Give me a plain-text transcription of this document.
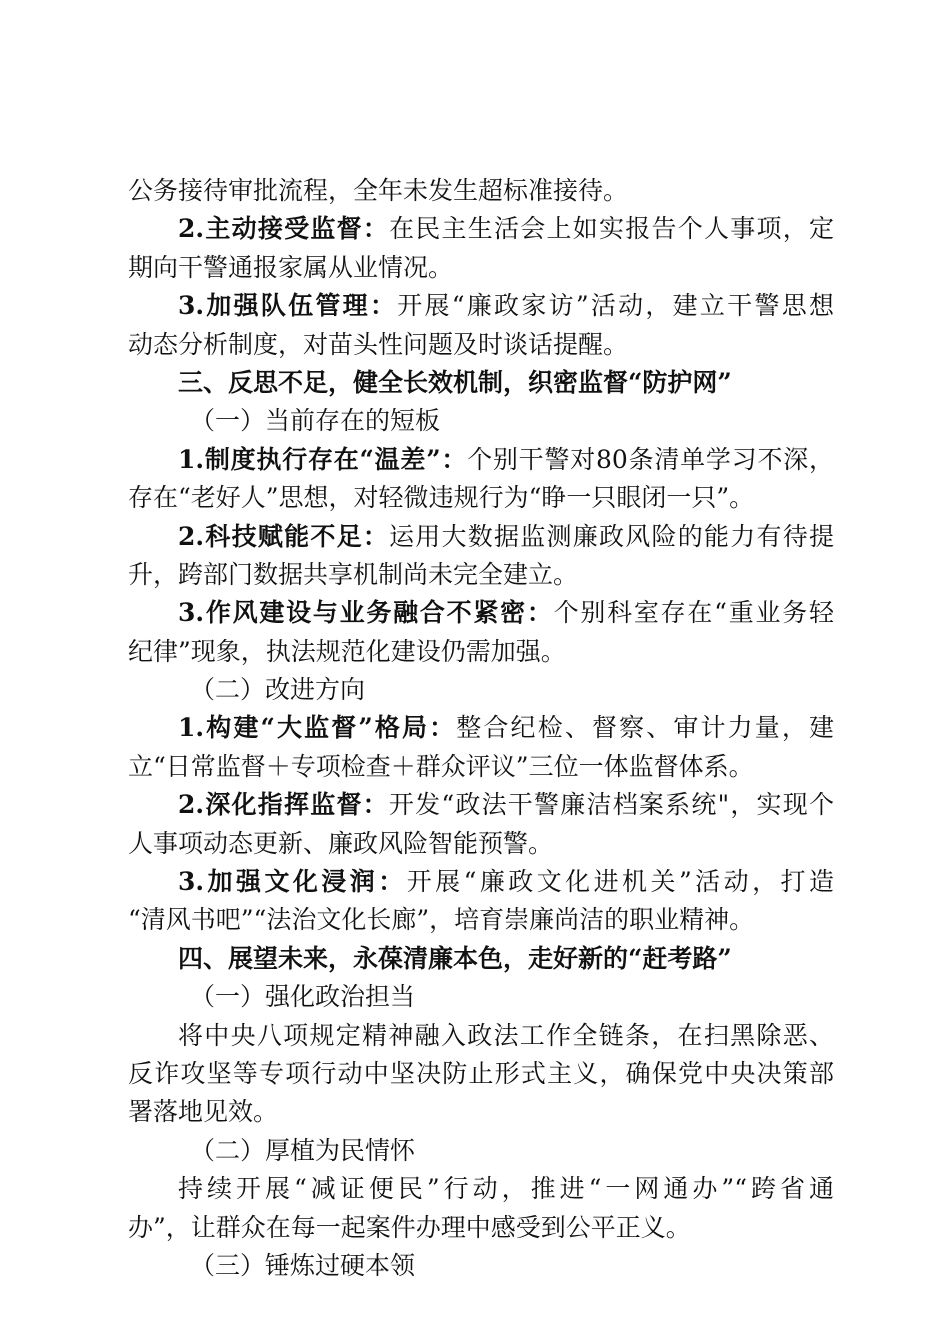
公务接待审批流程，全年未发生超标准接待。
2.主动接受监督：在民主生活会上如实报告个人事项，定
期向干警通报家属从业情况。
3.加强队伍管理：开展“廉政家访”活动，建立干警思想
动态分析制度，对苗头性问题及时谈话提醒。
三、反思不足，健全长效机制，织密监督“防护网”
（一）当前存在的短板
1.制度执行存在“温差”：个别干警对80条清单学习不深，
存在“老好人”思想，对轻微违规行为“睁一只眼闭一只”。
2.科技赋能不足：运用大数据监测廉政风险的能力有待提
升，跨部门数据共享机制尚未完全建立。
3.作风建设与业务融合不紧密：个别科室存在“重业务轻
纪律”现象，执法规范化建设仍需加强。
（二）改进方向
1.构建“大监督”格局：整合纪检、督察、审计力量，建
立“日常监督＋专项检查＋群众评议”三位一体监督体系。
2.深化指挥监督：开发“政法干警廉洁档案系统"，实现个
人事项动态更新、廉政风险智能预警。
3.加强文化浸润：开展“廉政文化进机关”活动，打造
“清风书吧”“法治文化长廊”，培育崇廉尚洁的职业精神。
四、展望未来，永葆清廉本色，走好新的“赶考路”
（一）强化政治担当
将中央八项规定精神融入政法工作全链条，在扫黑除恶、
反诈攻坚等专项行动中坚决防止形式主义，确保党中央决策部
署落地见效。
（二）厚植为民情怀
持续开展“减证便民”行动，推进“一网通办”“跨省通
办”，让群众在每一起案件办理中感受到公平正义。
（三）锤炼过硬本领
